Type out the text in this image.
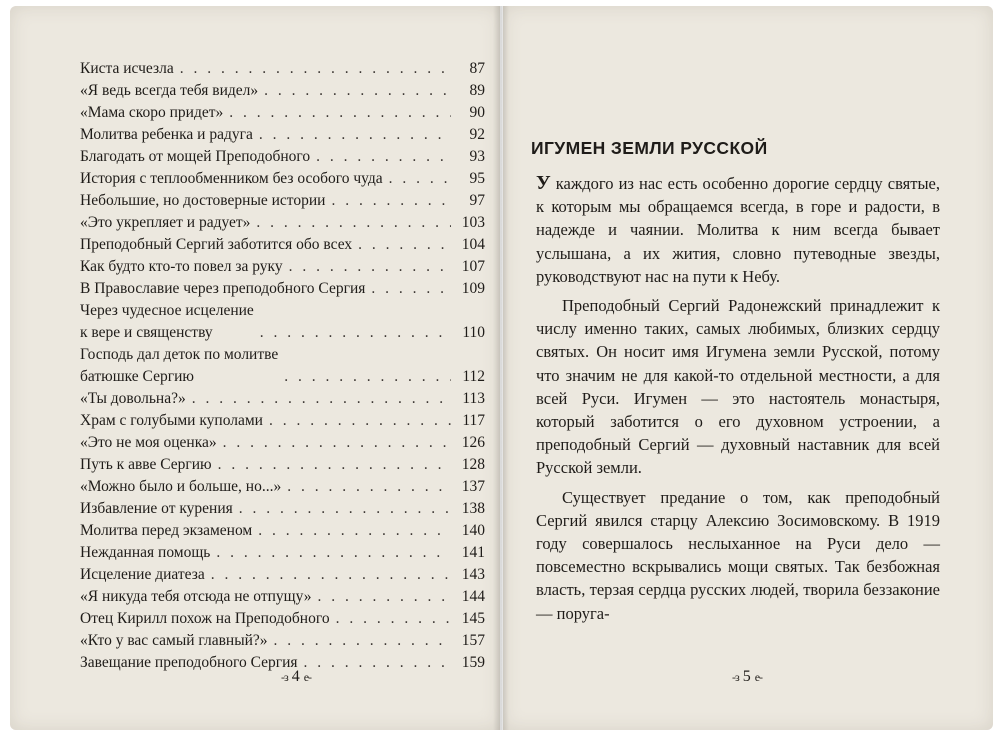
Киста исчезла . . .	87
«Я ведь всегда тебя видел» . . .	89
«Мама скоро придет» . . .	90
Молитва ребенка и радуга . . .	92
Благодать от мощей Преподобного . . .	93
История с теплообменником без особого чуда . . .	95
Небольшие, но достоверные истории . . .	97
«Это укрепляет и радует» . . .	103
Преподобный Сергий заботится обо всех . . .	104
Как будто кто-то повел за руку . . .	107
В Православие через преподобного Сергия . . .	109
Через чудесное исцеление
к вере и священству . . .	110
Господь дал деток по молитве
батюшке Сергию . . .	112
«Ты довольна?» . . .	113
Храм с голубыми куполами . . .	117
«Это не моя оценка» . . .	126
Путь к авве Сергию . . .	128
«Можно было и больше, но...» . . .	137
Избавление от курения . . .	138
Молитва перед экзаменом . . .	140
Нежданная помощь . . .	141
Исцеление диатеза . . .	143
«Я никуда тебя отсюда не отпущу» . . .	144
Отец Кирилл похож на Преподобного . . .	145
«Кто у вас самый главный?» . . .	157
Завещание преподобного Сергия . . .	159
-з 4 е-
ИГУМЕН ЗЕМЛИ РУССКОЙ

У каждого из нас есть особенно дорогие сердцу святые, к которым мы обращаемся всегда, в горе и радости, в надежде и чаянии. Молитва к ним всегда бывает услышана, а их жития, словно путеводные звезды, руководствуют нас на пути к Небу.

Преподобный Сергий Радонежский принадлежит к числу именно таких, самых любимых, близких сердцу святых. Он носит имя Игумена земли Русской, потому что значим не для какой-то отдельной местности, а для всей Руси. Игумен — это настоятель монастыря, который заботится о его духовном устроении, а преподобный Сергий — духовный наставник для всей Русской земли.

Существует предание о том, как преподобный Сергий явился старцу Алексию Зосимовскому. В 1919 году совершалось неслыханное на Руси дело — повсеместно вскрывались мощи святых. Так безбожная власть, терзая сердца русских людей, творила беззаконие — поруга-

-з 5 е-
